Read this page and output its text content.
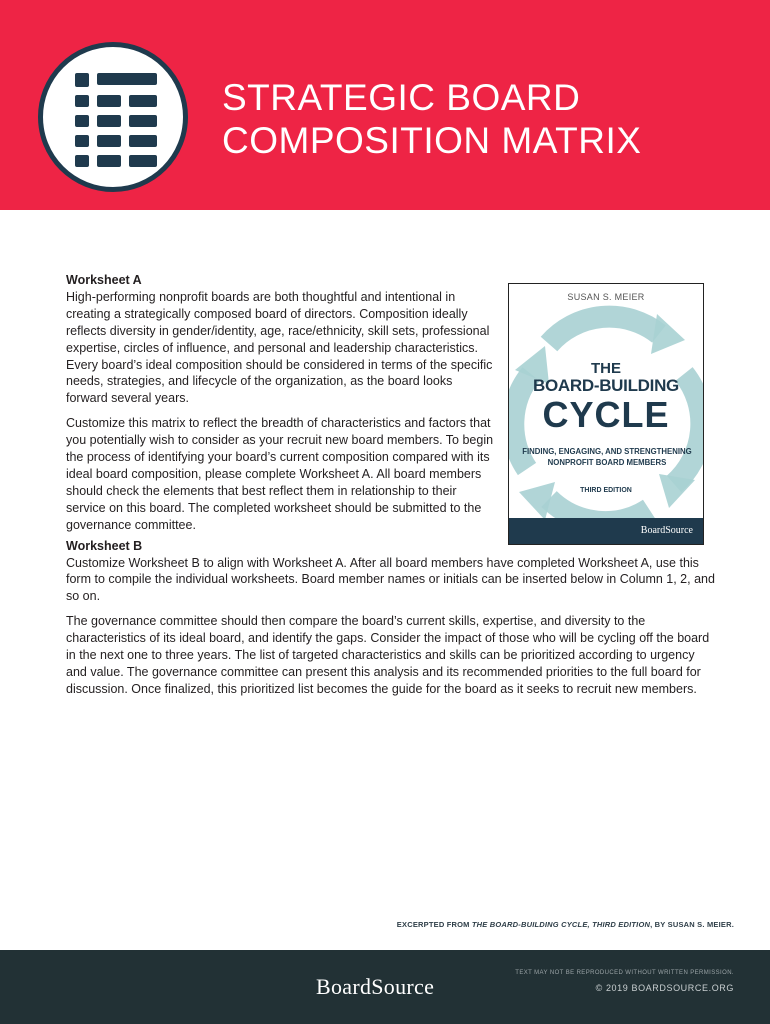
STRATEGIC BOARD
COMPOSITION MATRIX
Worksheet A

High-performing nonprofit boards are both thoughtful and intentional in creating a strategically composed board of directors. Composition ideally reflects diversity in gender/identity, age, race/ethnicity, skill sets, professional expertise, circles of influence, and personal and leadership characteristics. Every board’s ideal composition should be considered in terms of the specific needs, strategies, and lifecycle of the organization, as the board looks forward several years.

Customize this matrix to reflect the breadth of characteristics and factors that you potentially wish to consider as your recruit new board members. To begin the process of identifying your board’s current composition compared with its ideal board composition, please complete Worksheet A. All board members should check the elements that best reflect them in relationship to their service on this board. The completed worksheet should be submitted to the governance committee.

Worksheet B

Customize Worksheet B to align with Worksheet A. After all board members have completed Worksheet A, use this form to compile the individual worksheets. Board member names or initials can be inserted below in Column 1, 2, and so on.

The governance committee should then compare the board’s current skills, expertise, and diversity to the characteristics of its ideal board, and identify the gaps. Consider the impact of those who will be cycling off the board in the next one to three years. The list of targeted characteristics and skills can be prioritized according to urgency and value. The governance committee can present this analysis and its recommended priorities to the full board for discussion. Once finalized, this prioritized list becomes the guide for the board as it seeks to recruit new members.

SUSAN S. MEIER
THE
BOARD-BUILDING
CYCLE
FINDING, ENGAGING, AND STRENGTHENING NONPROFIT BOARD MEMBERS
THIRD EDITION
BoardSource
EXCERPTED FROM THE BOARD-BUILDING CYCLE, THIRD EDITION, BY SUSAN S. MEIER.
BoardSource
TEXT MAY NOT BE REPRODUCED WITHOUT WRITTEN PERMISSION.
© 2019 BOARDSOURCE.ORG
